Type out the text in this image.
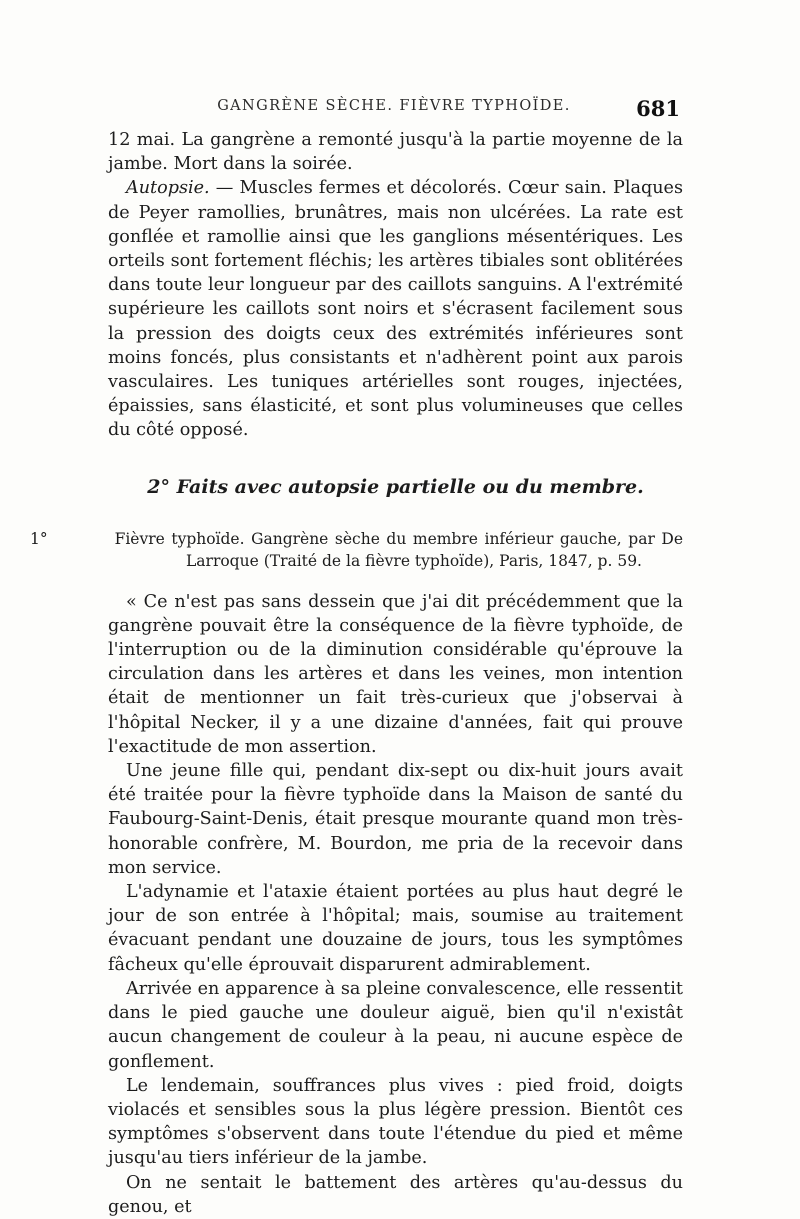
GANGRÈNE SÈCHE. FIÈVRE TYPHOÏDE.	681

12 mai. La gangrène a remonté jusqu'à la partie moyenne de la jambe. Mort dans la soirée.

Autopsie. — Muscles fermes et décolorés. Cœur sain. Plaques de Peyer ramollies, brunâtres, mais non ulcérées. La rate est gonflée et ramollie ainsi que les ganglions mésentériques. Les orteils sont fortement fléchis; les artères tibiales sont oblitérées dans toute leur longueur par des caillots sanguins. A l'extrémité supérieure les caillots sont noirs et s'écrasent facilement sous la pression des doigts ceux des extrémités inférieures sont moins foncés, plus consistants et n'adhèrent point aux parois vasculaires. Les tuniques artérielles sont rouges, injectées, épaissies, sans élasticité, et sont plus volumineuses que celles du côté opposé.

2° Faits avec autopsie partielle ou du membre.
1°	Fièvre typhoïde. Gangrène sèche du membre inférieur gauche, par De Larroque (Traité de la fièvre typhoïde), Paris, 1847, p. 59.

« Ce n'est pas sans dessein que j'ai dit précédemment que la gangrène pouvait être la conséquence de la fièvre typhoïde, de l'interruption ou de la diminution considérable qu'éprouve la circulation dans les artères et dans les veines, mon intention était de mentionner un fait très-curieux que j'observai à l'hôpital Necker, il y a une dizaine d'années, fait qui prouve l'exactitude de mon assertion.

Une jeune fille qui, pendant dix-sept ou dix-huit jours avait été traitée pour la fièvre typhoïde dans la Maison de santé du Faubourg-Saint-Denis, était presque mourante quand mon très-honorable confrère, M. Bourdon, me pria de la recevoir dans mon service.

L'adynamie et l'ataxie étaient portées au plus haut degré le jour de son entrée à l'hôpital; mais, soumise au traitement évacuant pendant une douzaine de jours, tous les symptômes fâcheux qu'elle éprouvait disparurent admirablement.

Arrivée en apparence à sa pleine convalescence, elle ressentit dans le pied gauche une douleur aiguë, bien qu'il n'existât aucun changement de couleur à la peau, ni aucune espèce de gonflement.

Le lendemain, souffrances plus vives : pied froid, doigts violacés et sensibles sous la plus légère pression. Bientôt ces symptômes s'observent dans toute l'étendue du pied et même jusqu'au tiers inférieur de la jambe.

On ne sentait le battement des artères qu'au-dessus du genou, et
